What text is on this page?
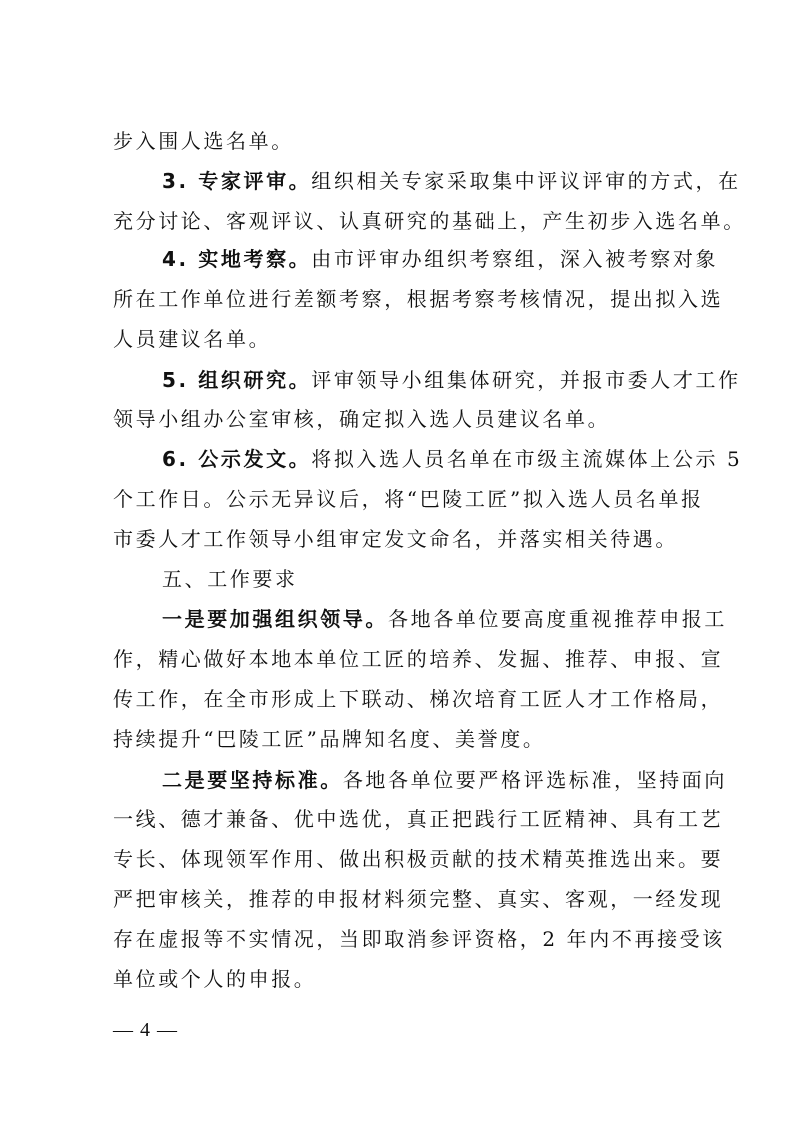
步入围人选名单。
3. 专家评审。组织相关专家采取集中评议评审的方式，在
充分讨论、客观评议、认真研究的基础上，产生初步入选名单。
4. 实地考察。由市评审办组织考察组，深入被考察对象
所在工作单位进行差额考察，根据考察考核情况，提出拟入选
人员建议名单。
5. 组织研究。评审领导小组集体研究，并报市委人才工作
领导小组办公室审核，确定拟入选人员建议名单。
6. 公示发文。将拟入选人员名单在市级主流媒体上公示 5
个工作日。公示无异议后，将“巴陵工匠”拟入选人员名单报
市委人才工作领导小组审定发文命名，并落实相关待遇。
五、工作要求
一是要加强组织领导。各地各单位要高度重视推荐申报工
作，精心做好本地本单位工匠的培养、发掘、推荐、申报、宣
传工作，在全市形成上下联动、梯次培育工匠人才工作格局，
持续提升“巴陵工匠”品牌知名度、美誉度。
二是要坚持标准。各地各单位要严格评选标准，坚持面向
一线、德才兼备、优中选优，真正把践行工匠精神、具有工艺
专长、体现领军作用、做出积极贡献的技术精英推选出来。要
严把审核关，推荐的申报材料须完整、真实、客观，一经发现
存在虚报等不实情况，当即取消参评资格，2 年内不再接受该
单位或个人的申报。
— 4 —
